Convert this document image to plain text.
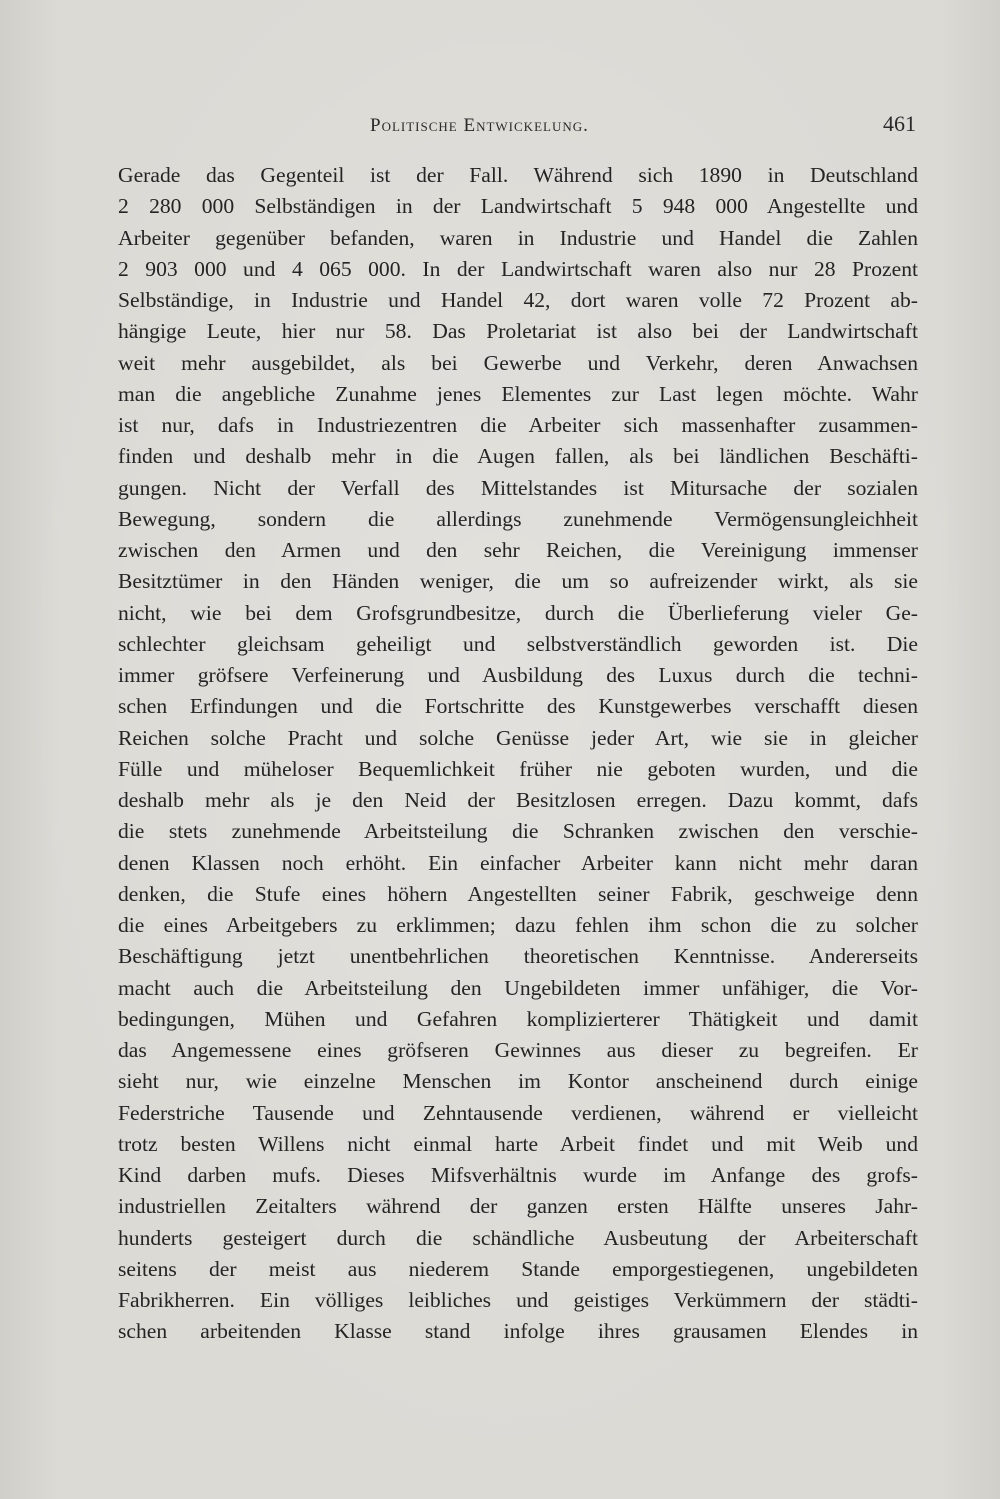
Politische Entwickelung.	461
Gerade das Gegenteil ist der Fall. Während sich 1890 in Deutschland
2 280 000 Selbständigen in der Landwirtschaft 5 948 000 Angestellte und
Arbeiter gegenüber befanden, waren in Industrie und Handel die Zahlen
2 903 000 und 4 065 000. In der Landwirtschaft waren also nur 28 Prozent
Selbständige, in Industrie und Handel 42, dort waren volle 72 Prozent ab-
hängige Leute, hier nur 58. Das Proletariat ist also bei der Landwirtschaft
weit mehr ausgebildet, als bei Gewerbe und Verkehr, deren Anwachsen
man die angebliche Zunahme jenes Elementes zur Last legen möchte. Wahr
ist nur, dafs in Industriezentren die Arbeiter sich massenhafter zusammen-
finden und deshalb mehr in die Augen fallen, als bei ländlichen Beschäfti-
gungen. Nicht der Verfall des Mittelstandes ist Mitursache der sozialen
Bewegung, sondern die allerdings zunehmende Vermögensungleichheit
zwischen den Armen und den sehr Reichen, die Vereinigung immenser
Besitztümer in den Händen weniger, die um so aufreizender wirkt, als sie
nicht, wie bei dem Grofsgrundbesitze, durch die Überlieferung vieler Ge-
schlechter gleichsam geheiligt und selbstverständlich geworden ist. Die
immer gröfsere Verfeinerung und Ausbildung des Luxus durch die techni-
schen Erfindungen und die Fortschritte des Kunstgewerbes verschafft diesen
Reichen solche Pracht und solche Genüsse jeder Art, wie sie in gleicher
Fülle und müheloser Bequemlichkeit früher nie geboten wurden, und die
deshalb mehr als je den Neid der Besitzlosen erregen. Dazu kommt, dafs
die stets zunehmende Arbeitsteilung die Schranken zwischen den verschie-
denen Klassen noch erhöht. Ein einfacher Arbeiter kann nicht mehr daran
denken, die Stufe eines höhern Angestellten seiner Fabrik, geschweige denn
die eines Arbeitgebers zu erklimmen; dazu fehlen ihm schon die zu solcher
Beschäftigung jetzt unentbehrlichen theoretischen Kenntnisse. Andererseits
macht auch die Arbeitsteilung den Ungebildeten immer unfähiger, die Vor-
bedingungen, Mühen und Gefahren komplizierterer Thätigkeit und damit
das Angemessene eines gröfseren Gewinnes aus dieser zu begreifen. Er
sieht nur, wie einzelne Menschen im Kontor anscheinend durch einige
Federstriche Tausende und Zehntausende verdienen, während er vielleicht
trotz besten Willens nicht einmal harte Arbeit findet und mit Weib und
Kind darben mufs. Dieses Mifsverhältnis wurde im Anfange des grofs-
industriellen Zeitalters während der ganzen ersten Hälfte unseres Jahr-
hunderts gesteigert durch die schändliche Ausbeutung der Arbeiterschaft
seitens der meist aus niederem Stande emporgestiegenen, ungebildeten
Fabrikherren. Ein völliges leibliches und geistiges Verkümmern der städti-
schen arbeitenden Klasse stand infolge ihres grausamen Elendes in
